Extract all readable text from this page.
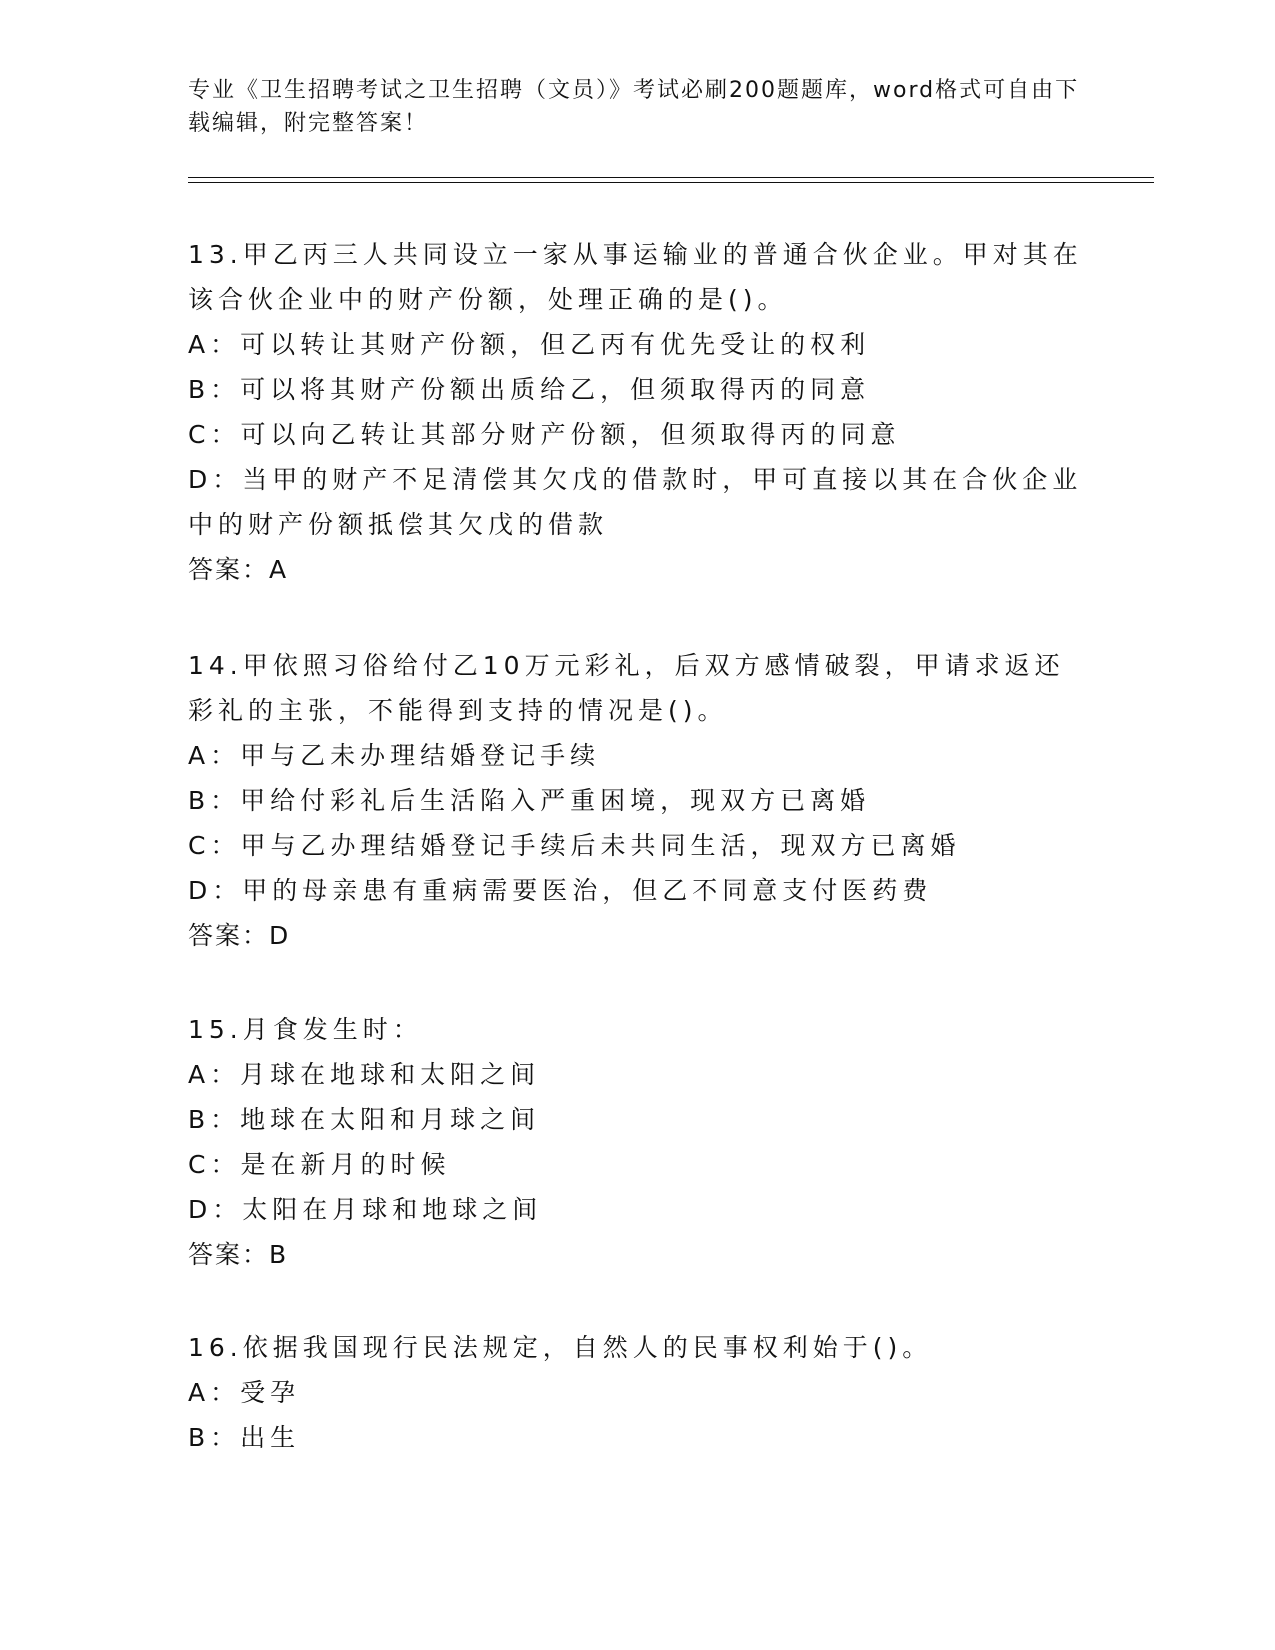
专业《卫生招聘考试之卫生招聘（文员）》考试必刷200题题库，word格式可自由下载编辑，附完整答案！
13.甲乙丙三人共同设立一家从事运输业的普通合伙企业。甲对其在该合伙企业中的财产份额，处理正确的是()。
A：可以转让其财产份额，但乙丙有优先受让的权利
B：可以将其财产份额出质给乙，但须取得丙的同意
C：可以向乙转让其部分财产份额，但须取得丙的同意
D：当甲的财产不足清偿其欠戊的借款时，甲可直接以其在合伙企业中的财产份额抵偿其欠戊的借款
答案：A
14.甲依照习俗给付乙10万元彩礼，后双方感情破裂，甲请求返还彩礼的主张，不能得到支持的情况是()。
A：甲与乙未办理结婚登记手续
B：甲给付彩礼后生活陷入严重困境，现双方已离婚
C：甲与乙办理结婚登记手续后未共同生活，现双方已离婚
D：甲的母亲患有重病需要医治，但乙不同意支付医药费
答案：D
15.月食发生时：
A：月球在地球和太阳之间
B：地球在太阳和月球之间
C：是在新月的时候
D：太阳在月球和地球之间
答案：B
16.依据我国现行民法规定，自然人的民事权利始于()。
A：受孕
B：出生
